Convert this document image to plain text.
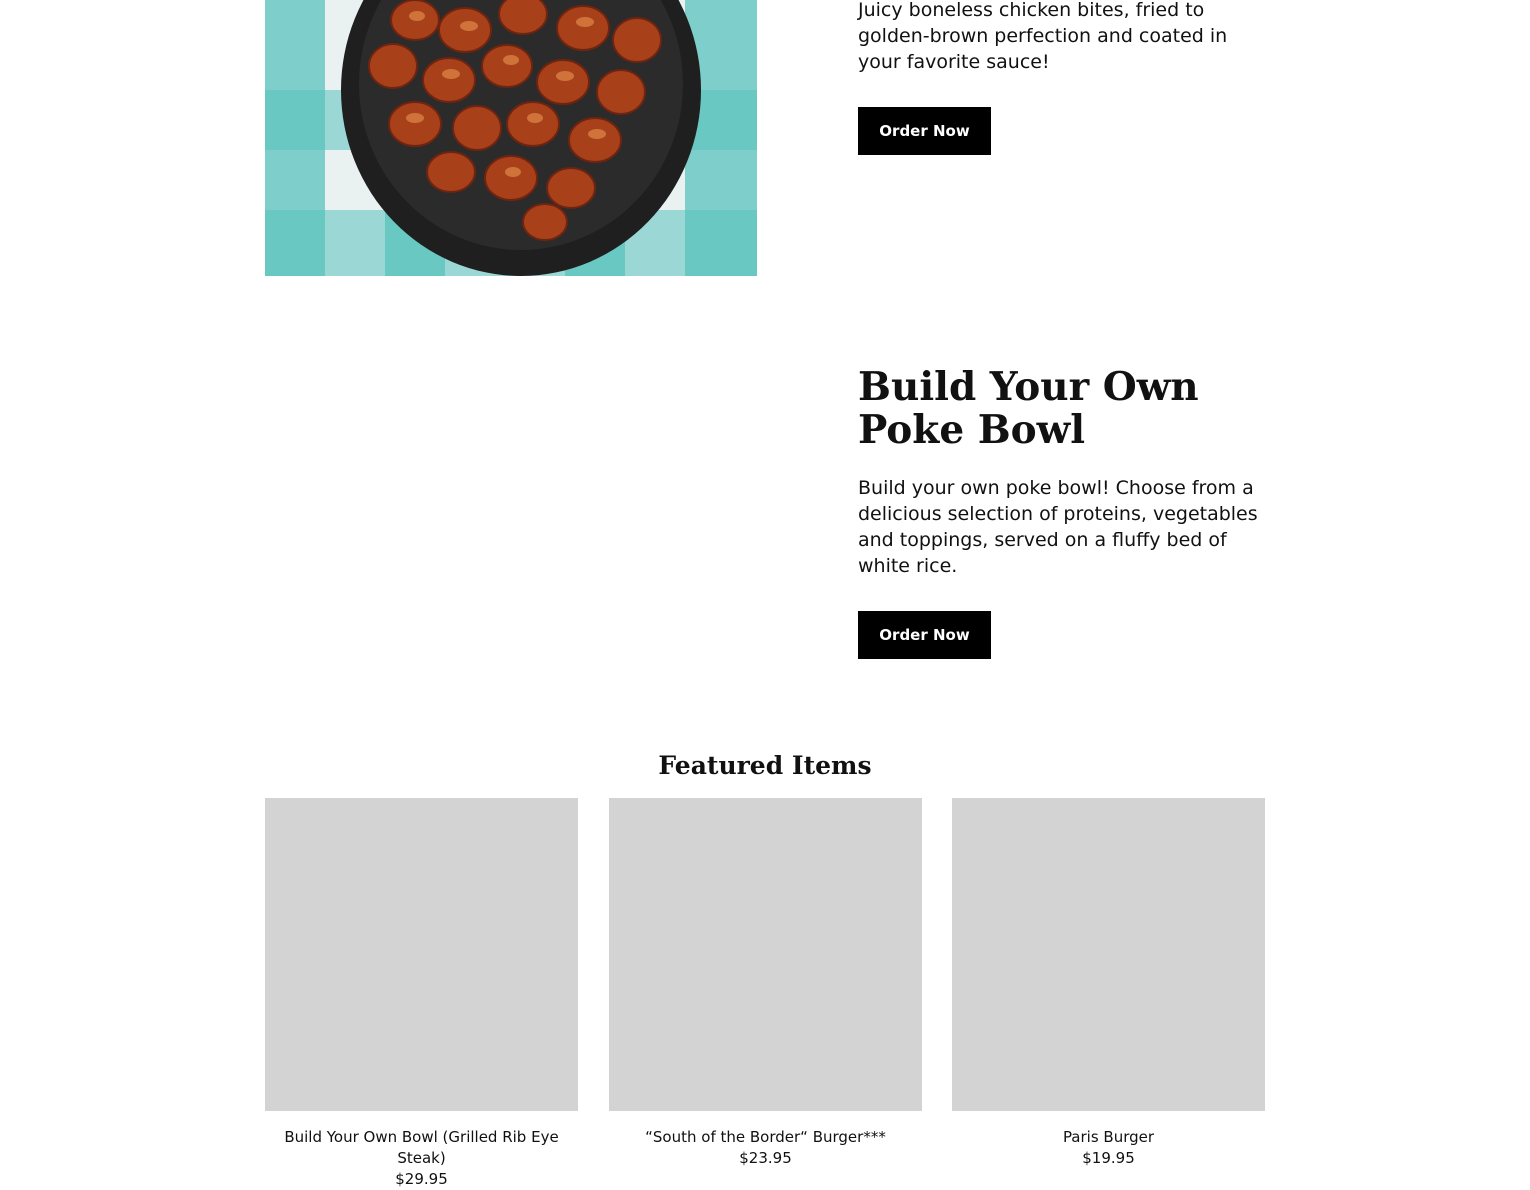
Juicy boneless chicken bites, fried to golden-brown perfection and coated in your favorite sauce!

Order Now
Build Your Own Poke Bowl

Build your own poke bowl! Choose from a delicious selection of proteins, vegetables and toppings, served on a fluffy bed of white rice.

Order Now
Featured Items
Build Your Own Bowl (Grilled Rib Eye Steak)
$29.95
“South of the Border“ Burger***
$23.95
Paris Burger
$19.95
